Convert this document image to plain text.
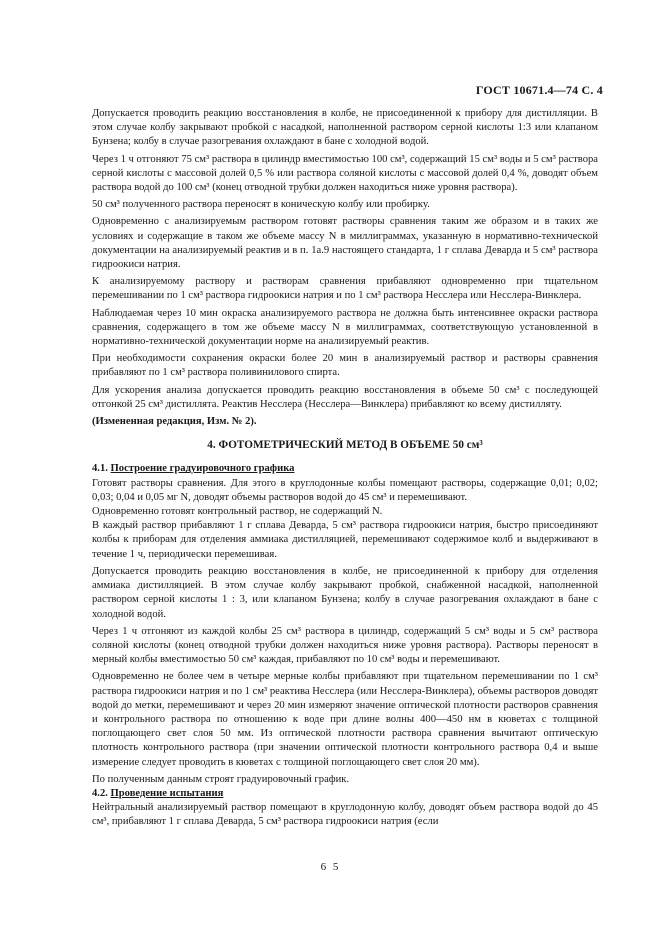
ГОСТ 10671.4—74 С. 4

Допускается проводить реакцию восстановления в колбе, не присоединенной к прибору для дистилляции. В этом случае колбу закрывают пробкой с насадкой, наполненной раствором серной кислоты 1:3 или клапаном Бунзена; колбу в случае разогревания охлаждают в бане с холодной водой.

Через 1 ч отгоняют 75 см³ раствора в цилиндр вместимостью 100 см³, содержащий 15 см³ воды и 5 см³ раствора серной кислоты с массовой долей 0,5 % или раствора соляной кислоты с массовой долей 0,4 %, доводят объем раствора водой до 100 см³ (конец отводной трубки должен находиться ниже уровня раствора).

50 см³ полученного раствора переносят в коническую колбу или пробирку.

Одновременно с анализируемым раствором готовят растворы сравнения таким же образом и в таких же условиях и содержащие в таком же объеме массу N в миллиграммах, указанную в нормативно-технической документации на анализируемый реактив и в п. 1а.9 настоящего стандарта, 1 г сплава Деварда и 5 см³ раствора гидроокиси натрия.

К анализируемому раствору и растворам сравнения прибавляют одновременно при тщательном перемешивании по 1 см³ раствора гидроокиси натрия и по 1 см³ раствора Несслера или Несслера-Винклера.

Наблюдаемая через 10 мин окраска анализируемого раствора не должна быть интенсивнее окраски раствора сравнения, содержащего в том же объеме массу N в миллиграммах, соответствующую установленной в нормативно-технической документации норме на анализируемый реактив.

При необходимости сохранения окраски более 20 мин в анализируемый раствор и растворы сравнения прибавляют по 1 см³ раствора поливинилового спирта.

Для ускорения анализа допускается проводить реакцию восстановления в объеме 50 см³ с последующей отгонкой 25 см³ дистиллята. Реактив Несслера (Несслера—Винклера) прибавляют ко всему дистилляту.

(Измененная редакция, Изм. № 2).

4. ФОТОМЕТРИЧЕСКИЙ МЕТОД В ОБЪЕМЕ 50 см³

4.1. Построение градуировочного графика

Готовят растворы сравнения. Для этого в круглодонные колбы помещают растворы, содержащие 0,01; 0,02; 0,03; 0,04 и 0,05 мг N, доводят объемы растворов водой до 45 см³ и перемешивают.

Одновременно готовят контрольный раствор, не содержащий N.

В каждый раствор прибавляют 1 г сплава Деварда, 5 см³ раствора гидроокиси натрия, быстро присоединяют колбы к приборам для отделения аммиака дистилляцией, перемешивают содержимое колб и выдерживают в течение 1 ч, периодически перемешивая.

Допускается проводить реакцию восстановления в колбе, не присоединенной к прибору для отделения аммиака дистилляцией. В этом случае колбу закрывают пробкой, снабженной насадкой, наполненной раствором серной кислоты 1 : 3, или клапаном Бунзена; колбу в случае разогревания охлаждают в бане с холодной водой.

Через 1 ч отгоняют из каждой колбы 25 см³ раствора в цилиндр, содержащий 5 см³ воды и 5 см³ раствора соляной кислоты (конец отводной трубки должен находиться ниже уровня раствора). Растворы переносят в мерный колбы вместимостью 50 см³ каждая, прибавляют по 10 см³ воды и перемешивают.

Одновременно не более чем в четыре мерные колбы прибавляют при тщательном перемешивании по 1 см³ раствора гидроокиси натрия и по 1 см³ реактива Несслера (или Несслера-Винклера), объемы растворов доводят водой до метки, перемешивают и через 20 мин измеряют значение оптической плотности растворов сравнения и контрольного раствора по отношению к воде при длине волны 400—450 нм в кюветах с толщиной поглощающего свет слоя 50 мм. Из оптической плотности раствора сравнения вычитают оптическую плотность контрольного раствора (при значении оптической плотности контрольного раствора 0,4 и выше измерение следует проводить в кюветах с толщиной поглощающего свет слоя 20 мм).

По полученным данным строят градуировочный график.

4.2. Проведение испытания

Нейтральный анализируемый раствор помещают в круглодонную колбу, доводят объем раствора водой до 45 см³, прибавляют 1 г сплава Деварда, 5 см³ раствора гидроокиси натрия (если

6 5
